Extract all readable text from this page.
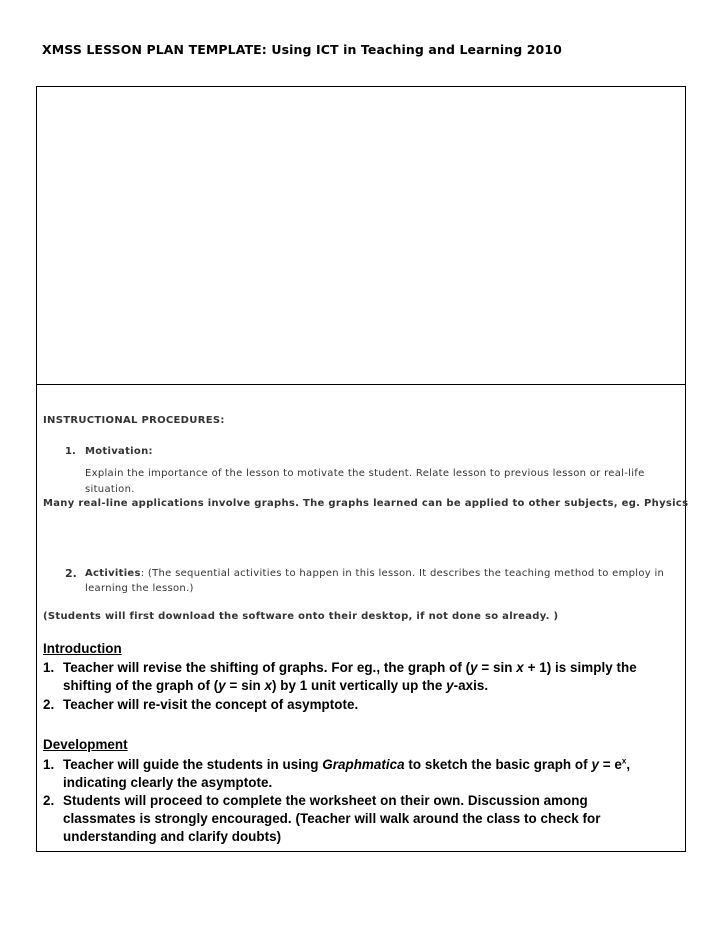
XMSS LESSON PLAN TEMPLATE: Using ICT in Teaching and Learning 2010
INSTRUCTIONAL PROCEDURES:
1. Motivation:
Explain the importance of the lesson to motivate the student. Relate lesson to previous lesson or real-life
situation.
Many real-line applications involve graphs. The graphs learned can be applied to other subjects, eg. Physics
2. Activities: (The sequential activities to happen in this lesson. It describes the teaching method to employ in
learning the lesson.)
(Students will first download the software onto their desktop, if not done so already. )
Introduction
1. Teacher will revise the shifting of graphs. For eg., the graph of (y = sin x + 1) is simply the
shifting of the graph of (y = sin x) by 1 unit vertically up the y-axis.
2. Teacher will re-visit the concept of asymptote.
Development
1. Teacher will guide the students in using Graphmatica to sketch the basic graph of $y = e^x$,
indicating clearly the asymptote.
2. Students will proceed to complete the worksheet on their own. Discussion among
classmates is strongly encouraged. (Teacher will walk around the class to check for
understanding and clarify doubts)
